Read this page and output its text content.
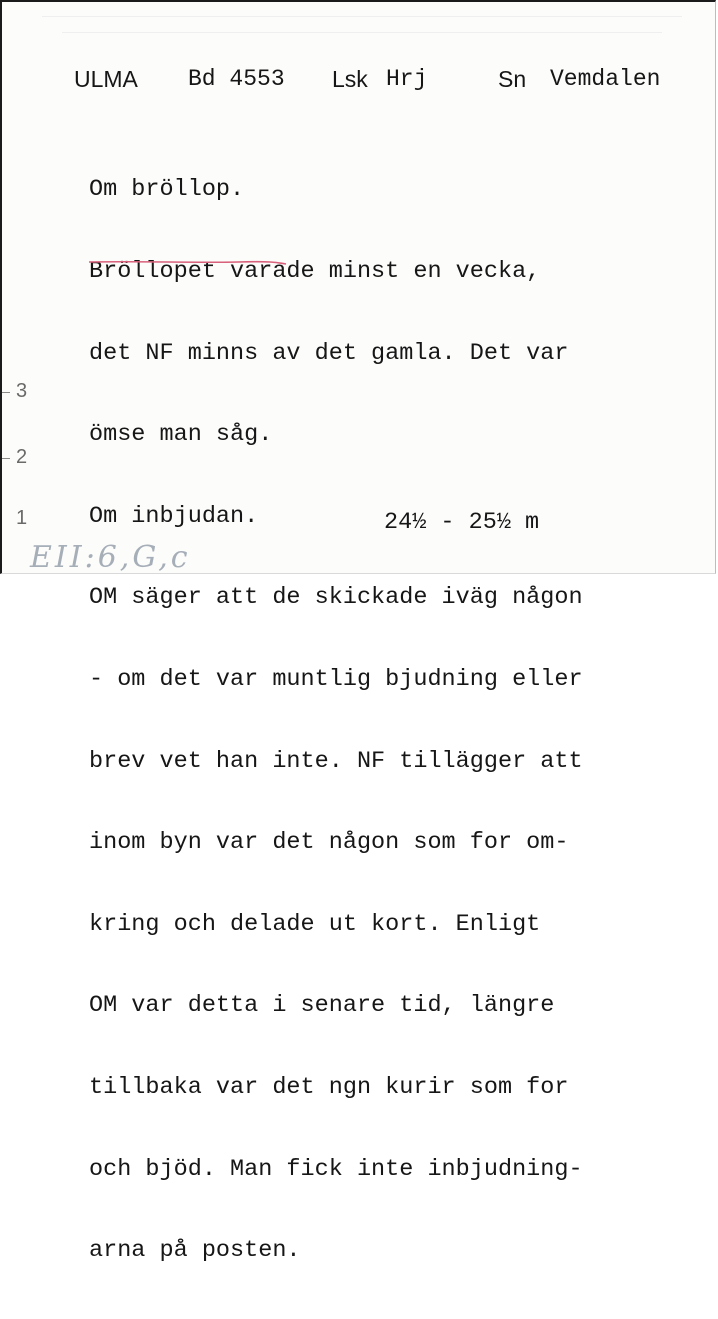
ULMA Bd 4553 Lsk Hrj	Sn Vemdalen

Om bröllop.

Bröllopet varade minst en vecka,

det NF minns av det gamla. Det var

ömse man såg.

Om inbjudan.

OM säger att de skickade iväg någon

- om det var muntlig bjudning eller

brev vet han inte. NF tillägger att

inom byn var det någon som for om-

kring och delade ut kort. Enligt

OM var detta i senare tid, längre

tillbaka var det ngn kurir som for

och bjöd. Man fick inte inbjudning-

arna på posten.

24½ - 25½ m
3
2
1
EII:6,G,c
